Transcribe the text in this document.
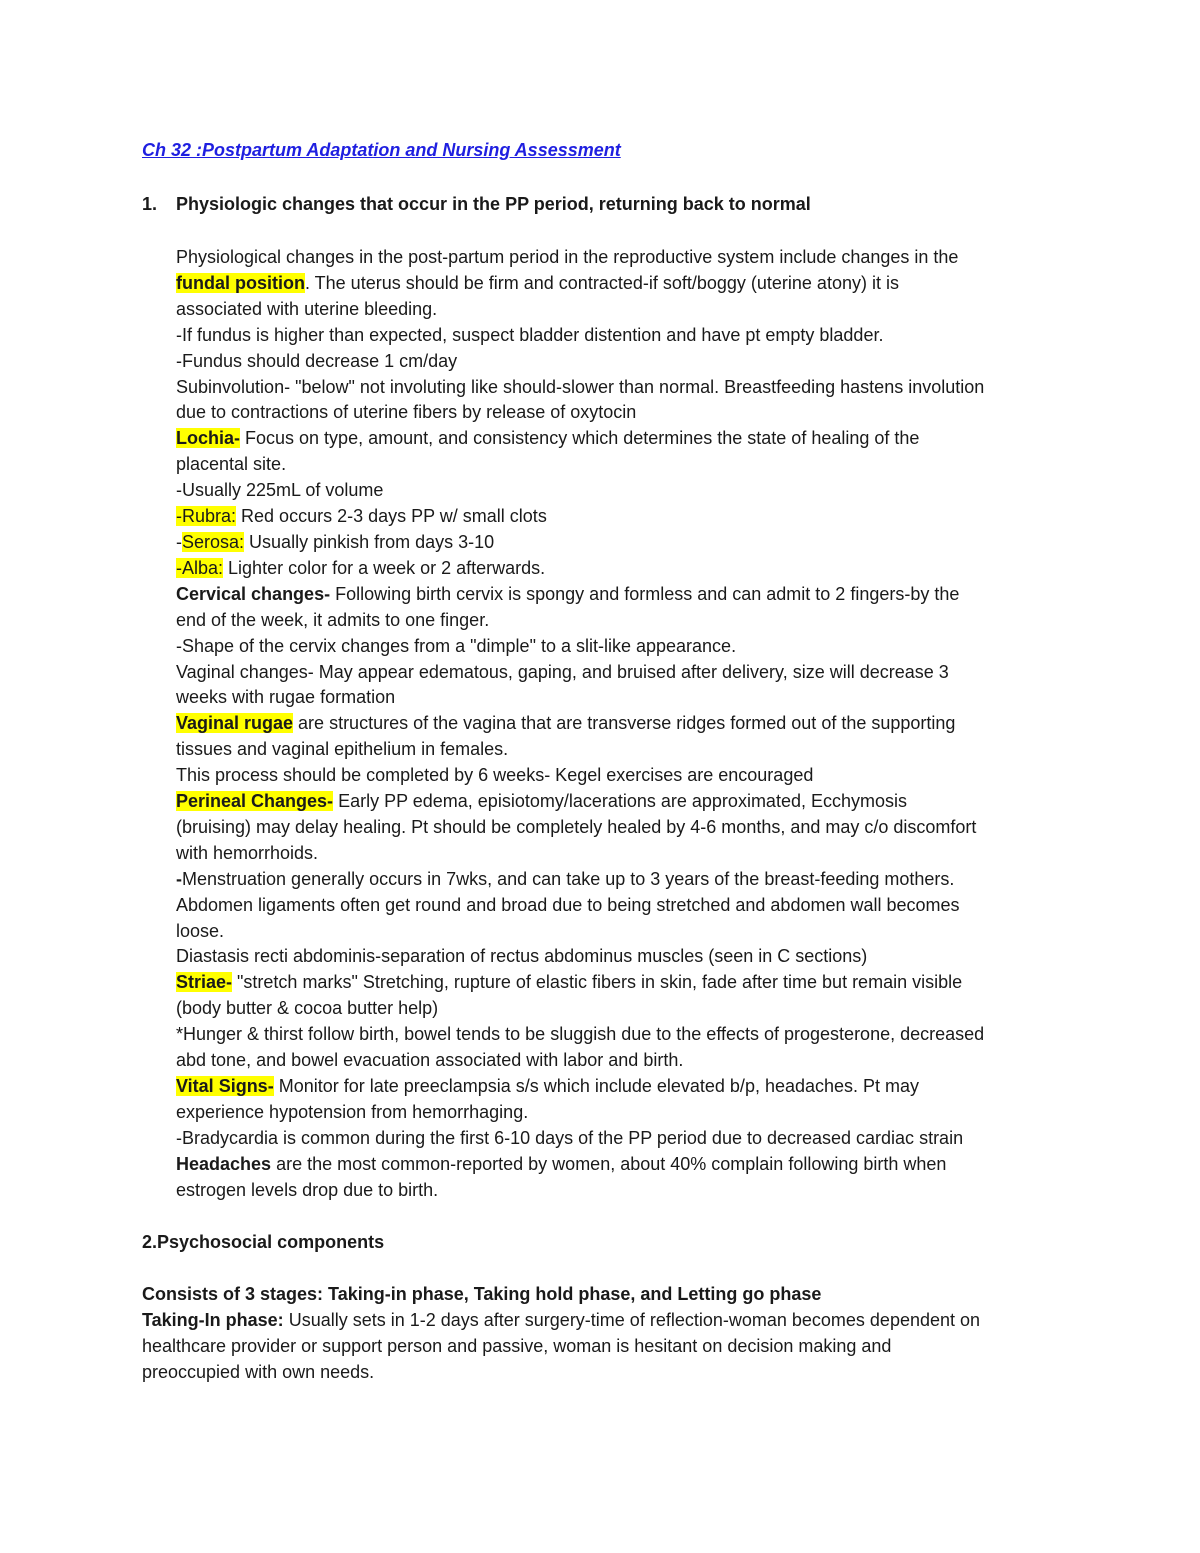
Ch 32 :Postpartum Adaptation and Nursing Assessment
1. Physiologic changes that occur in the PP period, returning back to normal
Physiological changes in the post-partum period in the reproductive system include changes in the
fundal position. The uterus should be firm and contracted-if soft/boggy (uterine atony) it is
associated with uterine bleeding.
-If fundus is higher than expected, suspect bladder distention and have pt empty bladder.
-Fundus should decrease 1 cm/day
Subinvolution- "below" not involuting like should-slower than normal. Breastfeeding hastens involution
due to contractions of uterine fibers by release of oxytocin
Lochia- Focus on type, amount, and consistency which determines the state of healing of the
placental site.
-Usually 225mL of volume
-Rubra: Red occurs 2-3 days PP w/ small clots
-Serosa: Usually pinkish from days 3-10
-Alba: Lighter color for a week or 2 afterwards.
Cervical changes- Following birth cervix is spongy and formless and can admit to 2 fingers-by the
end of the week, it admits to one finger.
-Shape of the cervix changes from a "dimple" to a slit-like appearance.
Vaginal changes- May appear edematous, gaping, and bruised after delivery, size will decrease 3
weeks with rugae formation
Vaginal rugae are structures of the vagina that are transverse ridges formed out of the supporting
tissues and vaginal epithelium in females.
This process should be completed by 6 weeks- Kegel exercises are encouraged
Perineal Changes- Early PP edema, episiotomy/lacerations are approximated, Ecchymosis
(bruising) may delay healing. Pt should be completely healed by 4-6 months, and may c/o discomfort
with hemorrhoids.
-Menstruation generally occurs in 7wks, and can take up to 3 years of the breast-feeding mothers.
Abdomen ligaments often get round and broad due to being stretched and abdomen wall becomes
loose.
Diastasis recti abdominis-separation of rectus abdominus muscles (seen in C sections)
Striae- "stretch marks" Stretching, rupture of elastic fibers in skin, fade after time but remain visible
(body butter & cocoa butter help)
*Hunger & thirst follow birth, bowel tends to be sluggish due to the effects of progesterone, decreased
abd tone, and bowel evacuation associated with labor and birth.
Vital Signs- Monitor for late preeclampsia s/s which include elevated b/p, headaches. Pt may
experience hypotension from hemorrhaging.
-Bradycardia is common during the first 6-10 days of the PP period due to decreased cardiac strain
Headaches are the most common-reported by women, about 40% complain following birth when
estrogen levels drop due to birth.
2.Psychosocial components
Consists of 3 stages: Taking-in phase, Taking hold phase, and Letting go phase
Taking-In phase: Usually sets in 1-2 days after surgery-time of reflection-woman becomes dependent on
healthcare provider or support person and passive, woman is hesitant on decision making and
preoccupied with own needs.
